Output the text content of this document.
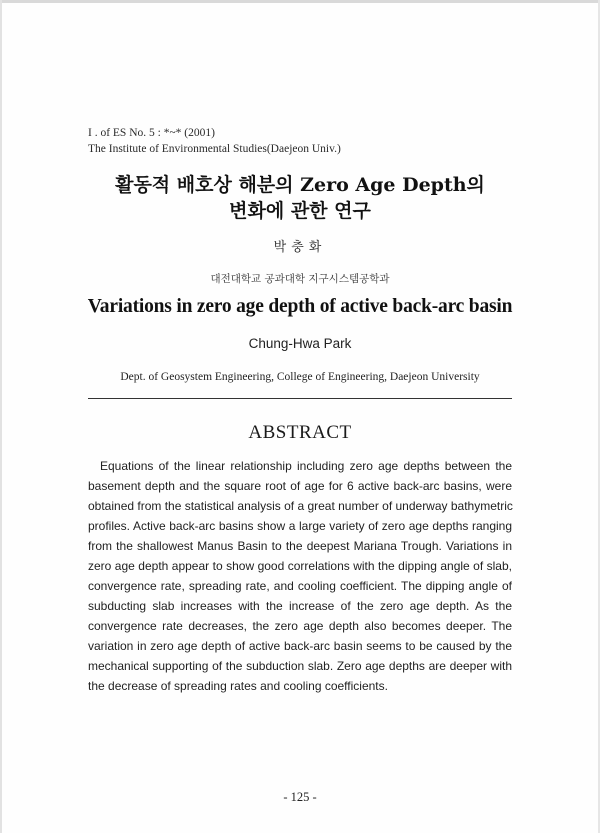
I . of ES No. 5 : *~* (2001)
The Institute of Environmental Studies(Daejeon Univ.)
활동적 배호상 해분의 Zero Age Depth의
변화에 관한 연구
박충화
대전대학교 공과대학 지구시스템공학과
Variations in zero age depth of active back-arc basin
Chung-Hwa Park
Dept. of Geosystem Engineering, College of Engineering, Daejeon University
ABSTRACT
Equations of the linear relationship including zero age depths between the
basement depth and the square root of age for 6 active back-arc basins, were
obtained from the statistical analysis of a great number of underway bathymetric
profiles. Active back-arc basins show a large variety of zero age depths ranging
from the shallowest Manus Basin to the deepest Mariana Trough. Variations in
zero age depth appear to show good correlations with the dipping angle of slab,
convergence rate, spreading rate, and cooling coefficient. The dipping angle of
subducting slab increases with the increase of the zero age depth. As the
convergence rate decreases, the zero age depth also becomes deeper. The
variation in zero age depth of active back-arc basin seems to be caused by the
mechanical supporting of the subduction slab. Zero age depths are deeper with
the decrease of spreading rates and cooling coefficients.
- 125 -
